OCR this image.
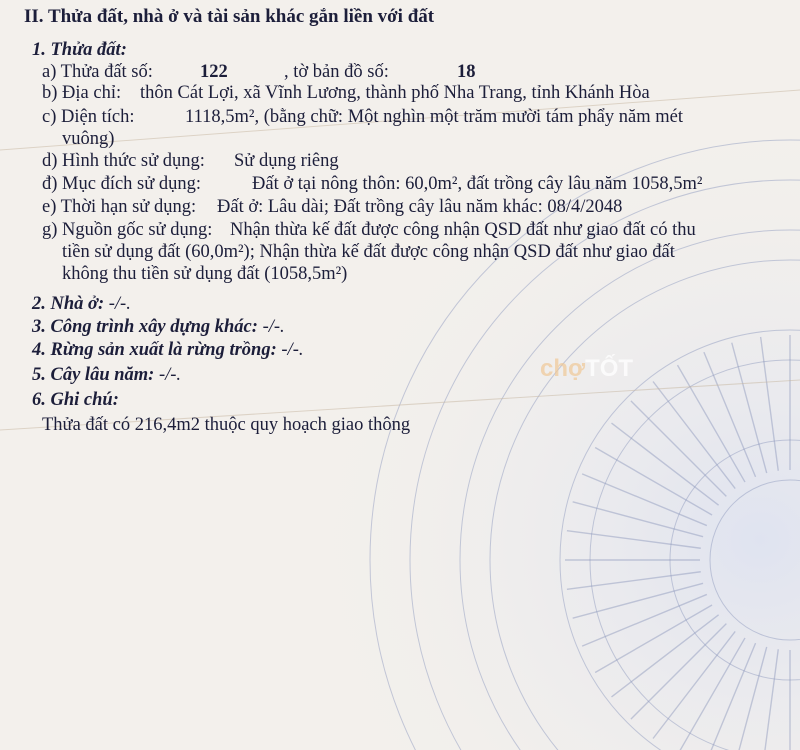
chợTỐT
II. Thửa đất, nhà ở và tài sản khác gắn liền với đất
1. Thửa đất:
a) Thửa đất số:	122	, tờ bản đồ số:	18
b) Địa chỉ: thôn Cát Lợi, xã Vĩnh Lương, thành phố Nha Trang, tỉnh Khánh Hòa
c) Diện tích:	1118,5m², (bằng chữ: Một nghìn một trăm mười tám phẩy năm mét
vuông)
d) Hình thức sử dụng: Sử dụng riêng
đ) Mục đích sử dụng:	Đất ở tại nông thôn: 60,0m², đất trồng cây lâu năm 1058,5m²
e) Thời hạn sử dụng: Đất ở: Lâu dài; Đất trồng cây lâu năm khác: 08/4/2048
g) Nguồn gốc sử dụng: Nhận thừa kế đất được công nhận QSD đất như giao đất có thu
tiền sử dụng đất (60,0m²); Nhận thừa kế đất được công nhận QSD đất như giao đất
không thu tiền sử dụng đất (1058,5m²)
2. Nhà ở: -/-.
3. Công trình xây dựng khác: -/-.
4. Rừng sản xuất là rừng trồng: -/-.
5. Cây lâu năm: -/-.
6. Ghi chú:
Thửa đất có 216,4m2 thuộc quy hoạch giao thông
